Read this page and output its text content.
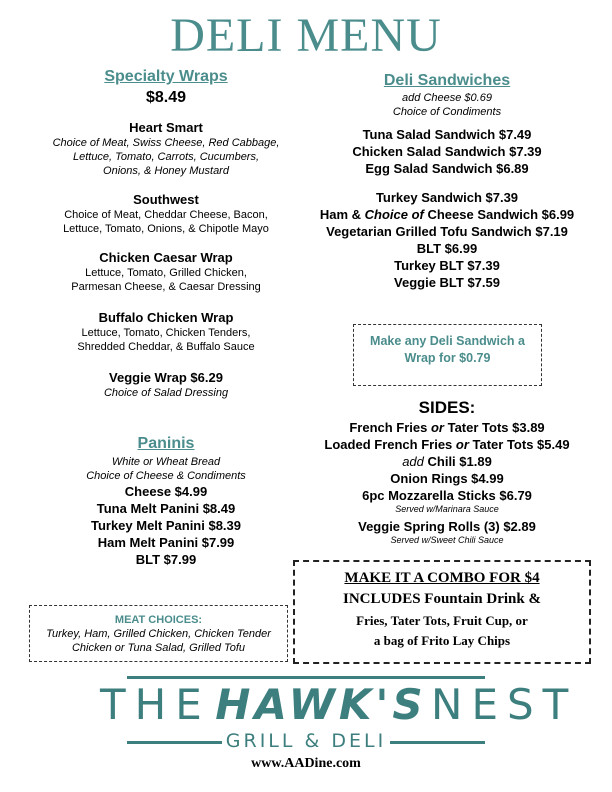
DELI MENU
Specialty Wraps
$8.49
Heart Smart
Choice of Meat, Swiss Cheese, Red Cabbage,
Lettuce, Tomato, Carrots, Cucumbers,
Onions, & Honey Mustard
Southwest
Choice of Meat, Cheddar Cheese, Bacon,
Lettuce, Tomato, Onions, & Chipotle Mayo
Chicken Caesar Wrap
Lettuce, Tomato, Grilled Chicken,
Parmesan Cheese, & Caesar Dressing
Buffalo Chicken Wrap
Lettuce, Tomato, Chicken Tenders,
Shredded Cheddar, & Buffalo Sauce
Veggie Wrap $6.29
Choice of Salad Dressing
Paninis
White or Wheat Bread
Choice of Cheese & Condiments
Cheese $4.99
Tuna Melt Panini $8.49
Turkey Melt Panini $8.39
Ham Melt Panini $7.99
BLT $7.99
MEAT CHOICES:
Turkey, Ham, Grilled Chicken, Chicken Tender
Chicken or Tuna Salad, Grilled Tofu
Deli Sandwiches
add Cheese $0.69
Choice of Condiments
Tuna Salad Sandwich $7.49
Chicken Salad Sandwich $7.39
Egg Salad Sandwich $6.89
Turkey Sandwich $7.39
Ham & Choice of Cheese Sandwich $6.99
Vegetarian Grilled Tofu Sandwich $7.19
BLT $6.99
Turkey BLT $7.39
Veggie BLT $7.59
Make any Deli Sandwich a
Wrap for $0.79
SIDES:
French Fries or Tater Tots $3.89
Loaded French Fries or Tater Tots $5.49
add Chili $1.89
Onion Rings $4.99
6pc Mozzarella Sticks $6.79
Served w/Marinara Sauce
Veggie Spring Rolls (3) $2.89
Served w/Sweet Chili Sauce
MAKE IT A COMBO FOR $4
INCLUDES Fountain Drink &
Fries, Tater Tots, Fruit Cup, or
a bag of Frito Lay Chips
THE HAWK'S NEST
GRILL & DELI
www.AADine.com
